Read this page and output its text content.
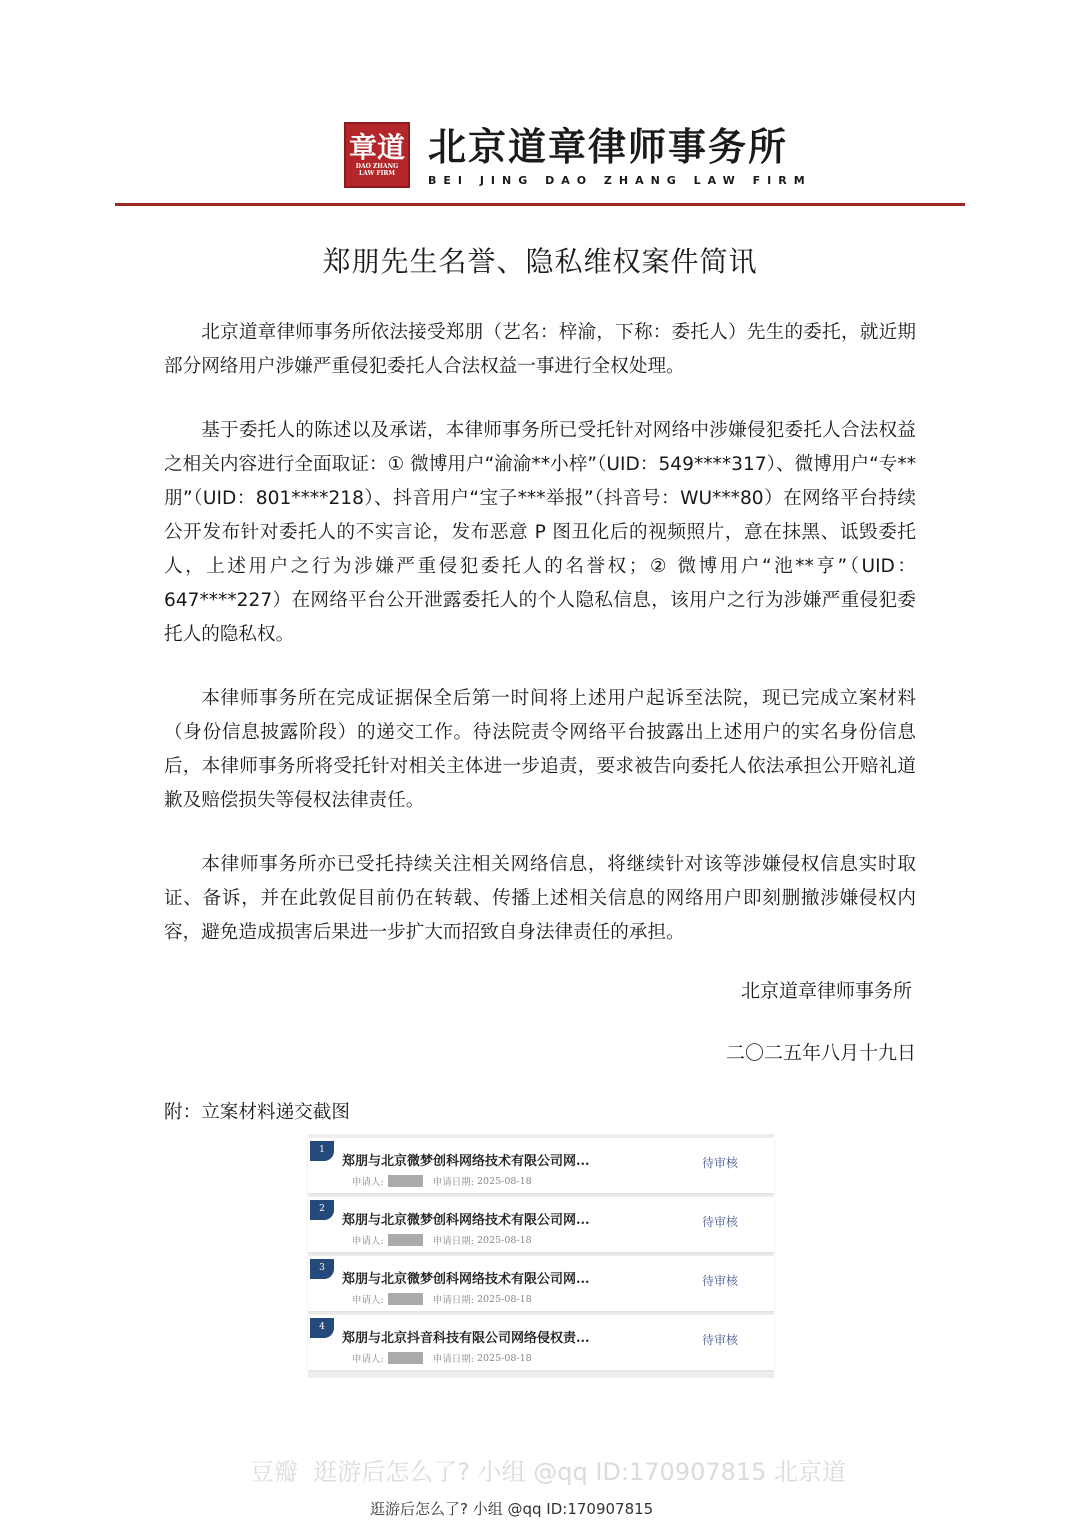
章道
DAO ZHANG
LAW FIRM
北京道章律师事务所
BEI JING DAO ZHANG LAW FIRM
郑朋先生名誉、隐私维权案件简讯

北京道章律师事务所依法接受郑朋（艺名：梓渝，下称：委托人）先生的委托，就近期部分网络用户涉嫌严重侵犯委托人合法权益一事进行全权处理。

基于委托人的陈述以及承诺，本律师事务所已受托针对网络中涉嫌侵犯委托人合法权益之相关内容进行全面取证：① 微博用户“渝渝**小梓”（UID：549****317）、微博用户“专**朋”（UID：801****218）、抖音用户“宝子***举报”（抖音号：WU***80）在网络平台持续公开发布针对委托人的不实言论，发布恶意 P 图丑化后的视频照片，意在抹黑、诋毁委托人，上述用户之行为涉嫌严重侵犯委托人的名誉权；② 微博用户“池**亨”（UID：647****227）在网络平台公开泄露委托人的个人隐私信息，该用户之行为涉嫌严重侵犯委托人的隐私权。

本律师事务所在完成证据保全后第一时间将上述用户起诉至法院，现已完成立案材料（身份信息披露阶段）的递交工作。待法院责令网络平台披露出上述用户的实名身份信息后，本律师事务所将受托针对相关主体进一步追责，要求被告向委托人依法承担公开赔礼道歉及赔偿损失等侵权法律责任。

本律师事务所亦已受托持续关注相关网络信息，将继续针对该等涉嫌侵权信息实时取证、备诉，并在此敦促目前仍在转载、传播上述相关信息的网络用户即刻删撤涉嫌侵权内容，避免造成损害后果进一步扩大而招致自身法律责任的承担。

北京道章律师事务所
二〇二五年八月十九日
附：立案材料递交截图
1
郑朋与北京微梦创科网络技术有限公司网...
申请人:	申请日期:
2025-08-18
待审核
2
郑朋与北京微梦创科网络技术有限公司网...
申请人:	申请日期:
2025-08-18
待审核
3
郑朋与北京微梦创科网络技术有限公司网...
申请人:	申请日期:
2025-08-18
待审核
4
郑朋与北京抖音科技有限公司网络侵权责...
申请人:	申请日期:
2025-08-18
待审核
豆瓣 逛游后怎么了? 小组 @qq ID:170907815 北京道
逛游后怎么了? 小组 @qq ID:170907815
